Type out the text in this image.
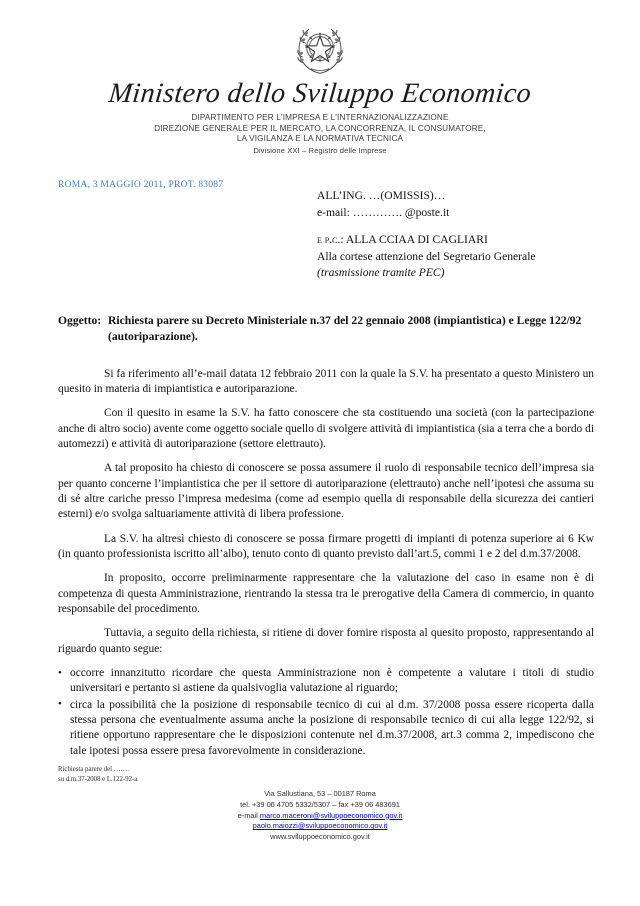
Ministero dello Sviluppo Economico
DIPARTIMENTO PER L'IMPRESA E L'INTERNAZIONALIZZAZIONE
DIREZIONE GENERALE PER IL MERCATO, LA CONCORRENZA, IL CONSUMATORE,
LA VIGILANZA E LA NORMATIVA TECNICA
Divisione XXI – Registro delle Imprese
ROMA, 3 MAGGIO 2011, PROT. 83087
ALL’ING. …(OMISSIS)…
e-mail: …………. @poste.it
e p.c.: ALLA CCIAA DI CAGLIARI
Alla cortese attenzione del Segretario Generale
(trasmissione tramite PEC)
Oggetto: Richiesta parere su Decreto Ministeriale n.37 del 22 gennaio 2008 (impiantistica) e Legge 122/92 (autoriparazione).

Si fa riferimento all’e-mail datata 12 febbraio 2011 con la quale la S.V. ha presentato a questo Ministero un quesito in materia di impiantistica e autoriparazione.

Con il quesito in esame la S.V. ha fatto conoscere che sta costituendo una società (con la partecipazione anche di altro socio) avente come oggetto sociale quello di svolgere attività di impiantistica (sia a terra che a bordo di automezzi) e attività di autoriparazione (settore elettrauto).

A tal proposito ha chiesto di conoscere se possa assumere il ruolo di responsabile tecnico dell’impresa sia per quanto concerne l’impiantistica che per il settore di autoriparazione (elettrauto) anche nell’ipotesi che assuma su di sé altre cariche presso l’impresa medesima (come ad esempio quella di responsabile della sicurezza dei cantieri esterni) e/o svolga saltuariamente attività di libera professione.

La S.V. ha altresì chiesto di conoscere se possa firmare progetti di impianti di potenza superiore ai 6 Kw (in quanto professionista iscritto all’albo), tenuto conto di quanto previsto dall’art.5, commi 1 e 2 del d.m.37/2008.

In proposito, occorre preliminarmente rappresentare che la valutazione del caso in esame non è di competenza di questa Amministrazione, rientrando la stessa tra le prerogative della Camera di commercio, in quanto responsabile del procedimento.

Tuttavia, a seguito della richiesta, si ritiene di dover fornire risposta al quesito proposto, rappresentando al riguardo quanto segue:

• occorre innanzitutto ricordare che questa Amministrazione non è competente a valutare i titoli di studio universitari e pertanto si astiene da qualsivoglia valutazione al riguardo;
• circa la possibilità che la posizione di responsabile tecnico di cui al d.m. 37/2008 possa essere ricoperta dalla stessa persona che eventualmente assuma anche la posizione di responsabile tecnico di cui alla legge 122/92, si ritiene opportuno rappresentare che le disposizioni contenute nel d.m.37/2008, art.3 comma 2, impediscono che tale ipotesi possa essere presa favorevolmente in considerazione.
Richiesta parere del …….
su d.m.37-2008 e L.122-92-a
Via Sallustiana, 53 – 00187 Roma
tel. +39 06 4705 5332/5307 – fax +39 06 483691
e-mail marco.maceroni@sviluppoeconomico.gov.it
paolo.maiozzi@sviluppoeconomico.gov.it
www.sviluppoeconomico.gov.it
